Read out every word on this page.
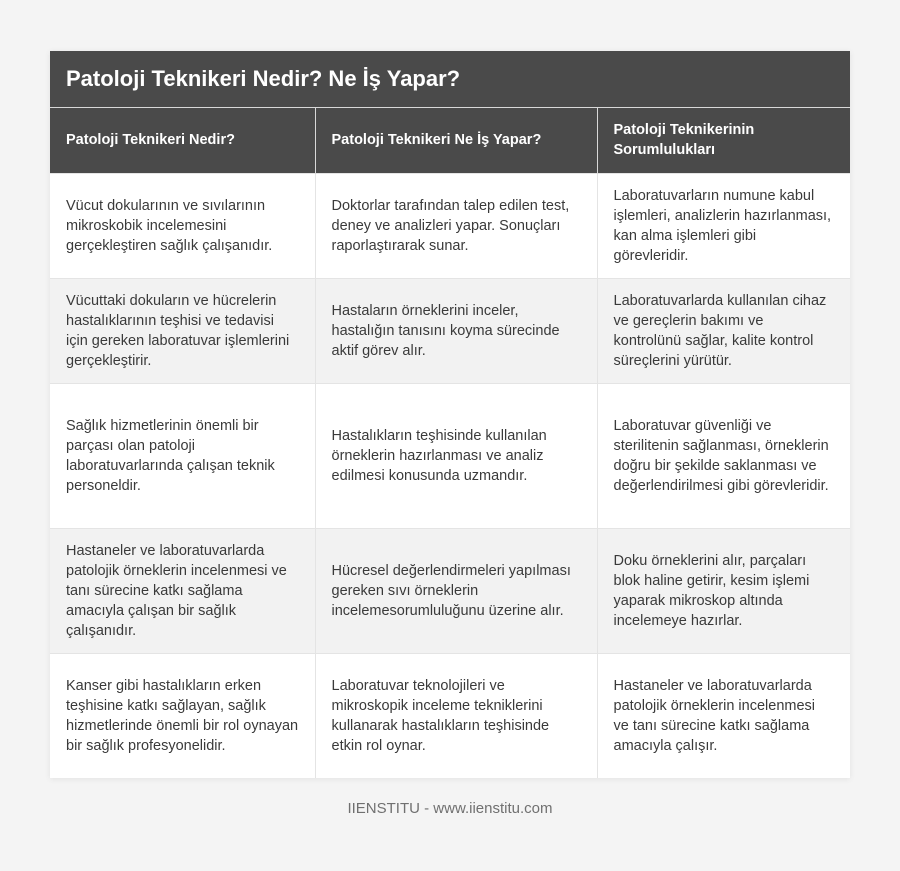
Patoloji Teknikeri Nedir? Ne İş Yapar?
Patoloji Teknikeri Nedir?	Patoloji Teknikeri Ne İş Yapar?	Patoloji Teknikerinin Sorumlulukları
Vücut dokularının ve sıvılarının mikroskobik incelemesini gerçekleştiren sağlık çalışanıdır.	Doktorlar tarafından talep edilen test, deney ve analizleri yapar. Sonuçları raporlaştırarak sunar.	Laboratuvarların numune kabul işlemleri, analizlerin hazırlanması, kan alma işlemleri gibi görevleridir.
Vücuttaki dokuların ve hücrelerin hastalıklarının teşhisi ve tedavisi için gereken laboratuvar işlemlerini gerçekleştirir.	Hastaların örneklerini inceler, hastalığın tanısını koyma sürecinde aktif görev alır.	Laboratuvarlarda kullanılan cihaz ve gereçlerin bakımı ve kontrolünü sağlar, kalite kontrol süreçlerini yürütür.
Sağlık hizmetlerinin önemli bir parçası olan patoloji laboratuvarlarında çalışan teknik personeldir.	Hastalıkların teşhisinde kullanılan örneklerin hazırlanması ve analiz edilmesi konusunda uzmandır.	Laboratuvar güvenliği ve sterilitenin sağlanması, örneklerin doğru bir şekilde saklanması ve değerlendirilmesi gibi görevleridir.
Hastaneler ve laboratuvarlarda patolojik örneklerin incelenmesi ve tanı sürecine katkı sağlama amacıyla çalışan bir sağlık çalışanıdır.	Hücresel değerlendirmeleri yapılması gereken sıvı örneklerin incelemesorumluluğunu üzerine alır.	Doku örneklerini alır, parçaları blok haline getirir, kesim işlemi yaparak mikroskop altında incelemeye hazırlar.
Kanser gibi hastalıkların erken teşhisine katkı sağlayan, sağlık hizmetlerinde önemli bir rol oynayan bir sağlık profesyonelidir.	Laboratuvar teknolojileri ve mikroskopik inceleme tekniklerini kullanarak hastalıkların teşhisinde etkin rol oynar.	Hastaneler ve laboratuvarlarda patolojik örneklerin incelenmesi ve tanı sürecine katkı sağlama amacıyla çalışır.
IIENSTITU - www.iienstitu.com
